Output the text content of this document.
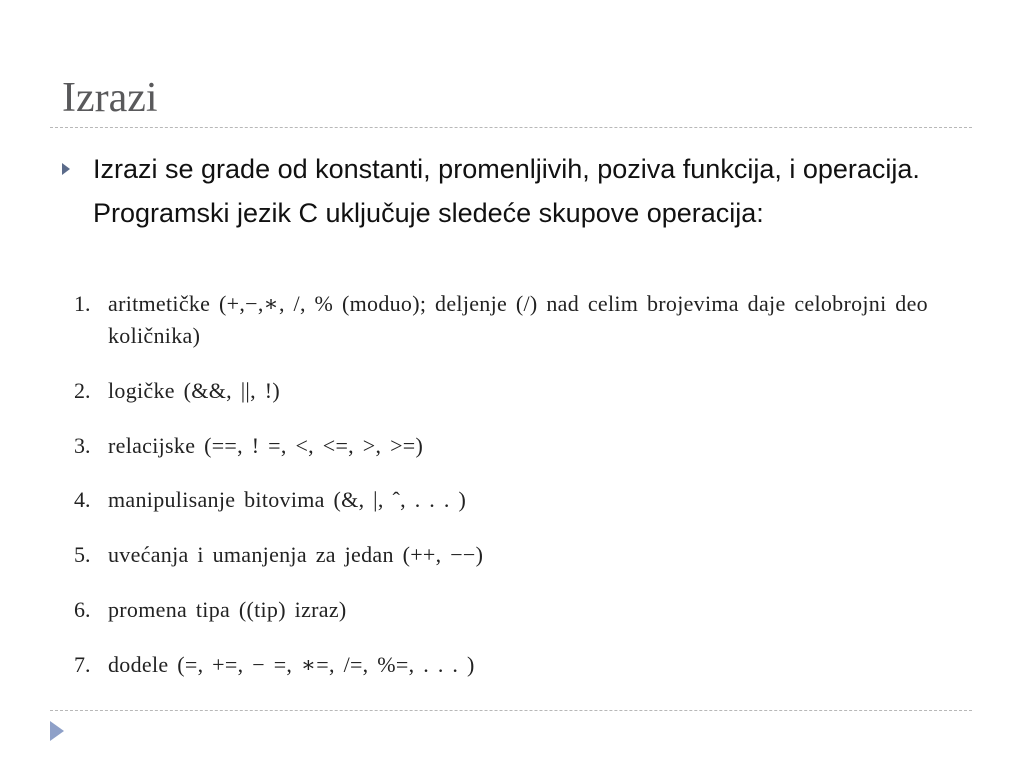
Izrazi
Izrazi se grade od konstanti, promenljivih, poziva funkcija, i operacija. Programski jezik C uključuje sledeće skupove operacija:
1. aritmetičke (+,−,∗, /, % (moduo); deljenje (/) nad celim brojevima daje celobrojni deo količnika)
2. logičke (&&, ||, !)
3. relacijske (==, ! =, <, <=, >, >=)
4. manipulisanje bitovima (&, |, ˆ, . . . )
5. uvećanja i umanjenja za jedan (++, −−)
6. promena tipa ((tip) izraz)
7. dodele (=, +=, − =, ∗=, /=, %=, . . . )
